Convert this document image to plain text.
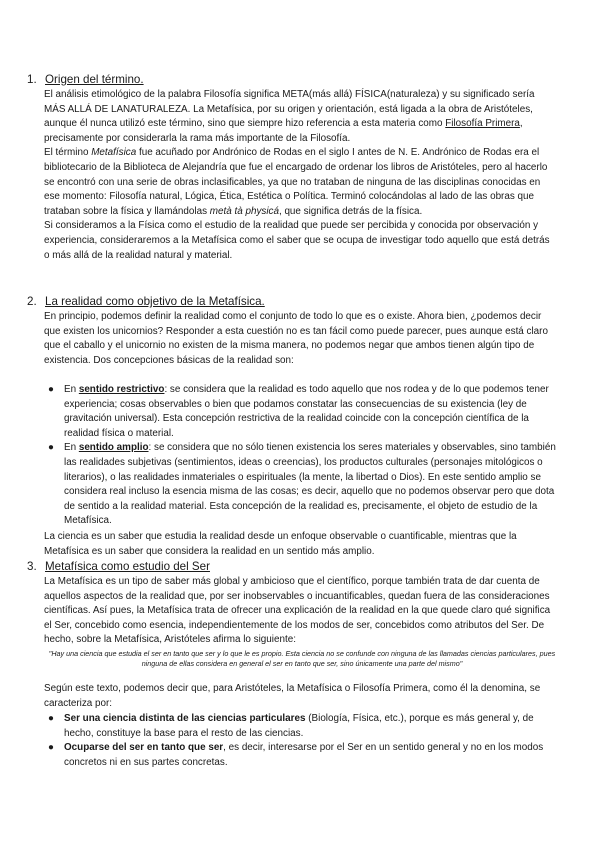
1. Origen del término.

El análisis etimológico de la palabra Filosofía significa META(más allá) FÍSICA(naturaleza) y su significado sería MÁS ALLÁ DE LANATURALEZA. La Metafísica, por su origen y orientación, está ligada a la obra de Aristóteles, aunque él nunca utilizó este término, sino que siempre hizo referencia a esta materia como Filosofía Primera, precisamente por considerarla la rama más importante de la Filosofía.

El término Metafísica fue acuñado por Andrónico de Rodas en el siglo I antes de N. E. Andrónico de Rodas era el bibliotecario de la Biblioteca de Alejandría que fue el encargado de ordenar los libros de Aristóteles, pero al hacerlo se encontró con una serie de obras inclasificables, ya que no trataban de ninguna de las disciplinas conocidas en ese momento: Filosofía natural, Lógica, Ética, Estética o Política. Terminó colocándolas al lado de las obras que trataban sobre la física y llamándolas metà tà physicá, que significa detrás de la física.

Si consideramos a la Física como el estudio de la realidad que puede ser percibida y conocida por observación y experiencia, consideraremos a la Metafísica como el saber que se ocupa de investigar todo aquello que está detrás o más allá de la realidad natural y material.

2. La realidad como objetivo de la Metafísica.
En principio, podemos definir la realidad como el conjunto de todo lo que es o existe. Ahora bien, ¿podemos decir que existen los unicornios? Responder a esta cuestión no es tan fácil como puede parecer, pues aunque está claro que el caballo y el unicornio no existen de la misma manera, no podemos negar que ambos tienen algún tipo de existencia. Dos concepciones básicas de la realidad son:
● En sentido restrictivo: se considera que la realidad es todo aquello que nos rodea y de lo que podemos tener experiencia; cosas observables o bien que podamos constatar las consecuencias de su existencia (ley de gravitación universal). Esta concepción restrictiva de la realidad coincide con la concepción científica de la realidad física o material.
● En sentido amplio: se considera que no sólo tienen existencia los seres materiales y observables, sino también las realidades subjetivas (sentimientos, ideas o creencias), los productos culturales (personajes mitológicos o literarios), o las realidades inmateriales o espirituales (la mente, la libertad o Dios). En este sentido amplio se considera real incluso la esencia misma de las cosas; es decir, aquello que no podemos observar pero que dota de sentido a la realidad material. Esta concepción de la realidad es, precisamente, el objeto de estudio de la Metafísica.
La ciencia es un saber que estudia la realidad desde un enfoque observable o cuantificable, mientras que la Metafísica es un saber que considera la realidad en un sentido más amplio.
3. Metafísica como estudio del Ser
La Metafísica es un tipo de saber más global y ambicioso que el científico, porque también trata de dar cuenta de aquellos aspectos de la realidad que, por ser inobservables o incuantificables, quedan fuera de las consideraciones científicas. Así pues, la Metafísica trata de ofrecer una explicación de la realidad en la que quede claro qué significa el Ser, concebido como esencia, independientemente de los modos de ser, concebidos como atributos del Ser. De hecho, sobre la Metafísica, Aristóteles afirma lo siguiente:
"Hay una ciencia que estudia el ser en tanto que ser y lo que le es propio. Esta ciencia no se confunde con ninguna de las llamadas ciencias particulares, pues ninguna de ellas considera en general el ser en tanto que ser, sino únicamente una parte del mismo"
Según este texto, podemos decir que, para Aristóteles, la Metafísica o Filosofía Primera, como él la denomina, se caracteriza por:
● Ser una ciencia distinta de las ciencias particulares (Biología, Física, etc.), porque es más general y, de hecho, constituye la base para el resto de las ciencias.
● Ocuparse del ser en tanto que ser, es decir, interesarse por el Ser en un sentido general y no en los modos concretos ni en sus partes concretas.
